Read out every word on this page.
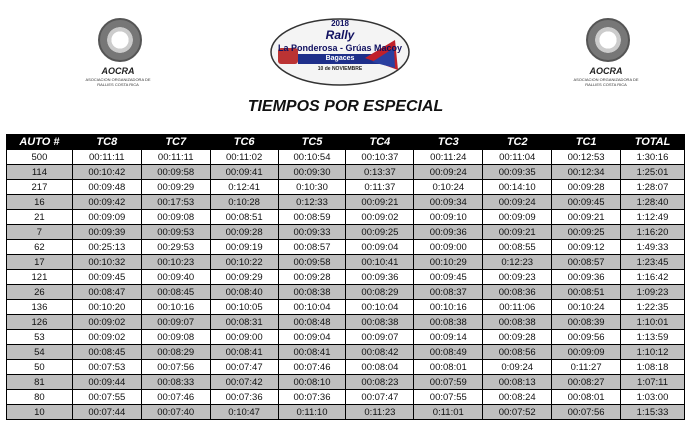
AOCRA
ASOCIACION ORGANIZADORA DE RALLIES COSTA RICA
2018
Rally
La Ponderosa - Grúas Macoy
Bagaces
10 de NOVIEMBRE	AOCRA
ASOCIACION ORGANIZADORA DE RALLIES COSTA RICA
TIEMPOS POR ESPECIAL
AUTO #	TC8	TC7	TC6	TC5	TC4	TC3	TC2	TC1	TOTAL
500	00:11:11	00:11:11	00:11:02	00:10:54	00:10:37	00:11:24	00:11:04	00:12:53	1:30:16
114	00:10:42	00:09:58	00:09:41	00:09:30	0:13:37	00:09:24	00:09:35	00:12:34	1:25:01
217	00:09:48	00:09:29	0:12:41	0:10:30	0:11:37	0:10:24	00:14:10	00:09:28	1:28:07
16	00:09:42	00:17:53	0:10:28	0:12:33	00:09:21	00:09:34	00:09:24	00:09:45	1:28:40
21	00:09:09	00:09:08	00:08:51	00:08:59	00:09:02	00:09:10	00:09:09	00:09:21	1:12:49
7	00:09:39	00:09:53	00:09:28	00:09:33	00:09:25	00:09:36	00:09:21	00:09:25	1:16:20
62	00:25:13	00:29:53	00:09:19	00:08:57	00:09:04	00:09:00	00:08:55	00:09:12	1:49:33
17	00:10:32	00:10:23	00:10:22	00:09:58	00:10:41	00:10:29	0:12:23	00:08:57	1:23:45
121	00:09:45	00:09:40	00:09:29	00:09:28	00:09:36	00:09:45	00:09:23	00:09:36	1:16:42
26	00:08:47	00:08:45	00:08:40	00:08:38	00:08:29	00:08:37	00:08:36	00:08:51	1:09:23
136	00:10:20	00:10:16	00:10:05	00:10:04	00:10:04	00:10:16	00:11:06	00:10:24	1:22:35
126	00:09:02	00:09:07	00:08:31	00:08:48	00:08:38	00:08:38	00:08:38	00:08:39	1:10:01
53	00:09:02	00:09:08	00:09:00	00:09:04	00:09:07	00:09:14	00:09:28	00:09:56	1:13:59
54	00:08:45	00:08:29	00:08:41	00:08:41	00:08:42	00:08:49	00:08:56	00:09:09	1:10:12
50	00:07:53	00:07:56	00:07:47	00:07:46	00:08:04	00:08:01	0:09:24	0:11:27	1:08:18
81	00:09:44	00:08:33	00:07:42	00:08:10	00:08:23	00:07:59	00:08:13	00:08:27	1:07:11
80	00:07:55	00:07:46	00:07:36	00:07:36	00:07:47	00:07:55	00:08:24	00:08:01	1:03:00
10	00:07:44	00:07:40	0:10:47	0:11:10	0:11:23	0:11:01	00:07:52	00:07:56	1:15:33
